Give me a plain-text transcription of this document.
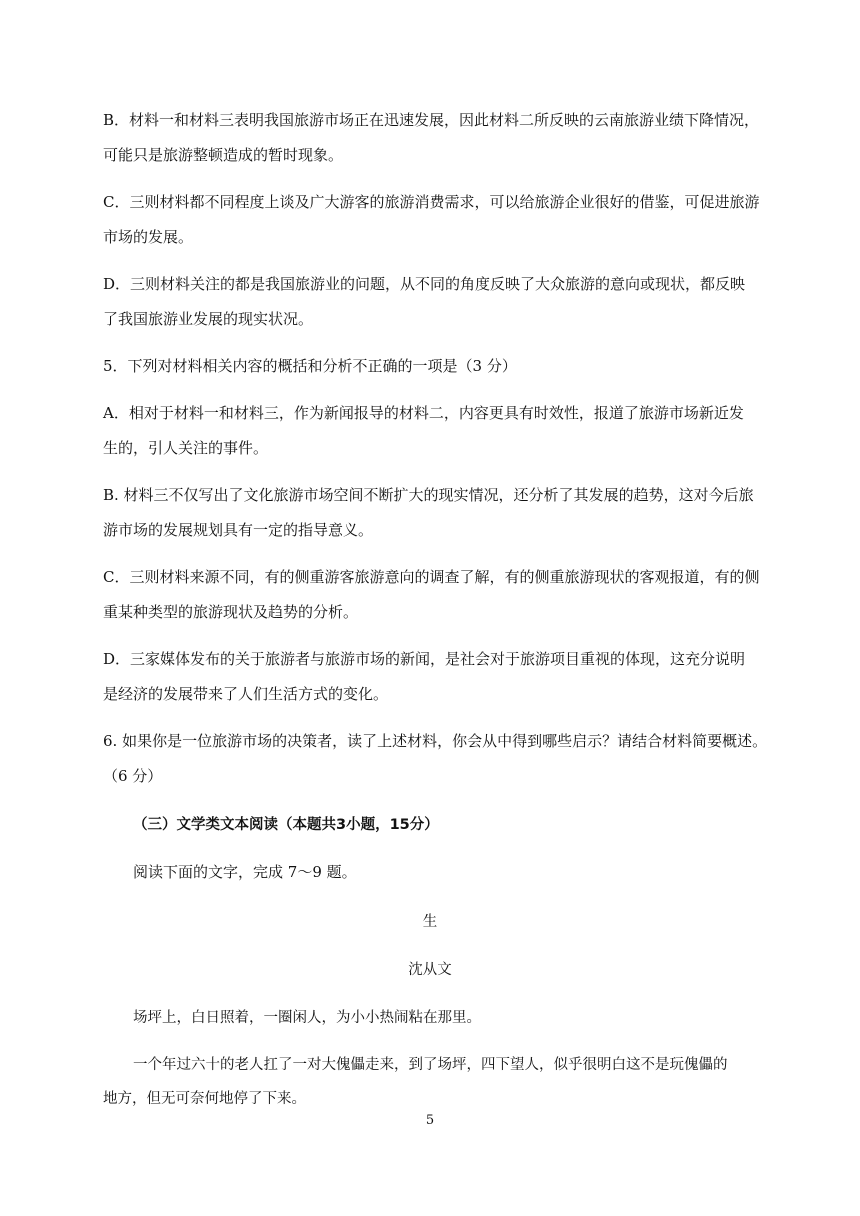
B．材料一和材料三表明我国旅游市场正在迅速发展，因此材料二所反映的云南旅游业绩下降情况，
可能只是旅游整顿造成的暂时现象。
C．三则材料都不同程度上谈及广大游客的旅游消费需求，可以给旅游企业很好的借鉴，可促进旅游
市场的发展。
D．三则材料关注的都是我国旅游业的问题，从不同的角度反映了大众旅游的意向或现状，都反映
了我国旅游业发展的现实状况。
5．下列对材料相关内容的概括和分析不正确的一项是（3 分）
A．相对于材料一和材料三，作为新闻报导的材料二，内容更具有时效性，报道了旅游市场新近发
生的，引人关注的事件。
B. 材料三不仅写出了文化旅游市场空间不断扩大的现实情况，还分析了其发展的趋势，这对今后旅
游市场的发展规划具有一定的指导意义。
C．三则材料来源不同，有的侧重游客旅游意向的调查了解，有的侧重旅游现状的客观报道，有的侧
重某种类型的旅游现状及趋势的分析。
D．三家媒体发布的关于旅游者与旅游市场的新闻，是社会对于旅游项目重视的体现，这充分说明
是经济的发展带来了人们生活方式的变化。
6. 如果你是一位旅游市场的决策者，读了上述材料，你会从中得到哪些启示？请结合材料简要概述。
（6 分）
（三）文学类文本阅读（本题共3小题，15分）
阅读下面的文字，完成 7～9 题。
生
沈从文
场坪上，白日照着，一圈闲人，为小小热闹粘在那里。
一个年过六十的老人扛了一对大傀儡走来，到了场坪，四下望人，似乎很明白这不是玩傀儡的
地方，但无可奈何地停了下来。
5
